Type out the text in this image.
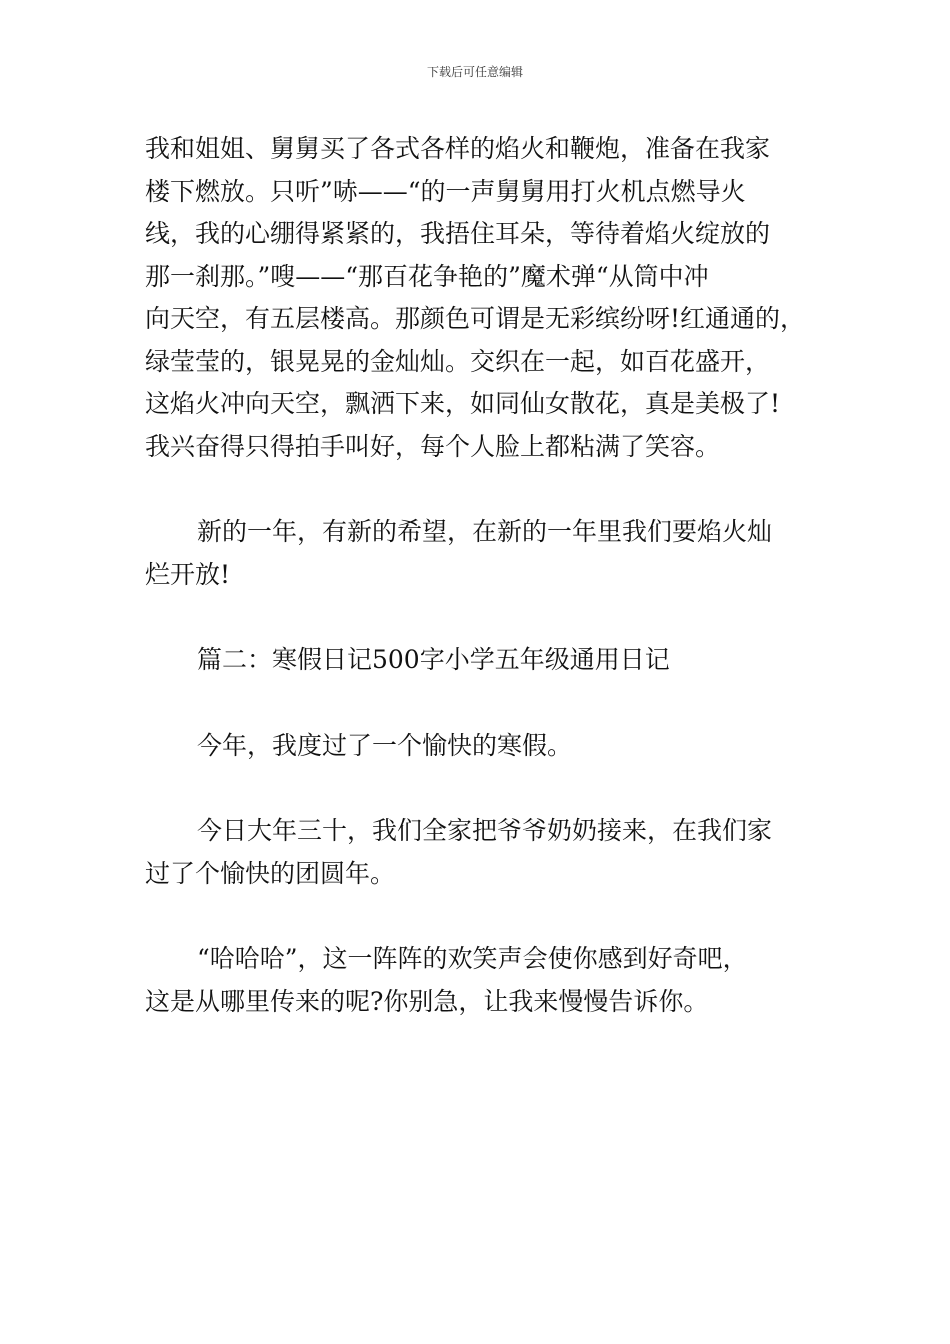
下载后可任意编辑

我和姐姐、舅舅买了各式各样的焰火和鞭炮，准备在我家
楼下燃放。只听”哧——“的一声舅舅用打火机点燃导火
线，我的心绷得紧紧的，我捂住耳朵，等待着焰火绽放的
那一刹那。”嗖——“那百花争艳的”魔术弹“从筒中冲
向天空，有五层楼高。那颜色可谓是无彩缤纷呀!红通通的，
绿莹莹的，银晃晃的金灿灿。交织在一起，如百花盛开，
这焰火冲向天空，飘洒下来，如同仙女散花，真是美极了!
我兴奋得只得拍手叫好，每个人脸上都粘满了笑容。

新的一年，有新的希望，在新的一年里我们要焰火灿
烂开放!

篇二：寒假日记500字小学五年级通用日记

今年，我度过了一个愉快的寒假。

今日大年三十，我们全家把爷爷奶奶接来，在我们家
过了个愉快的团圆年。

“哈哈哈”，这一阵阵的欢笑声会使你感到好奇吧，
这是从哪里传来的呢?你别急，让我来慢慢告诉你。
